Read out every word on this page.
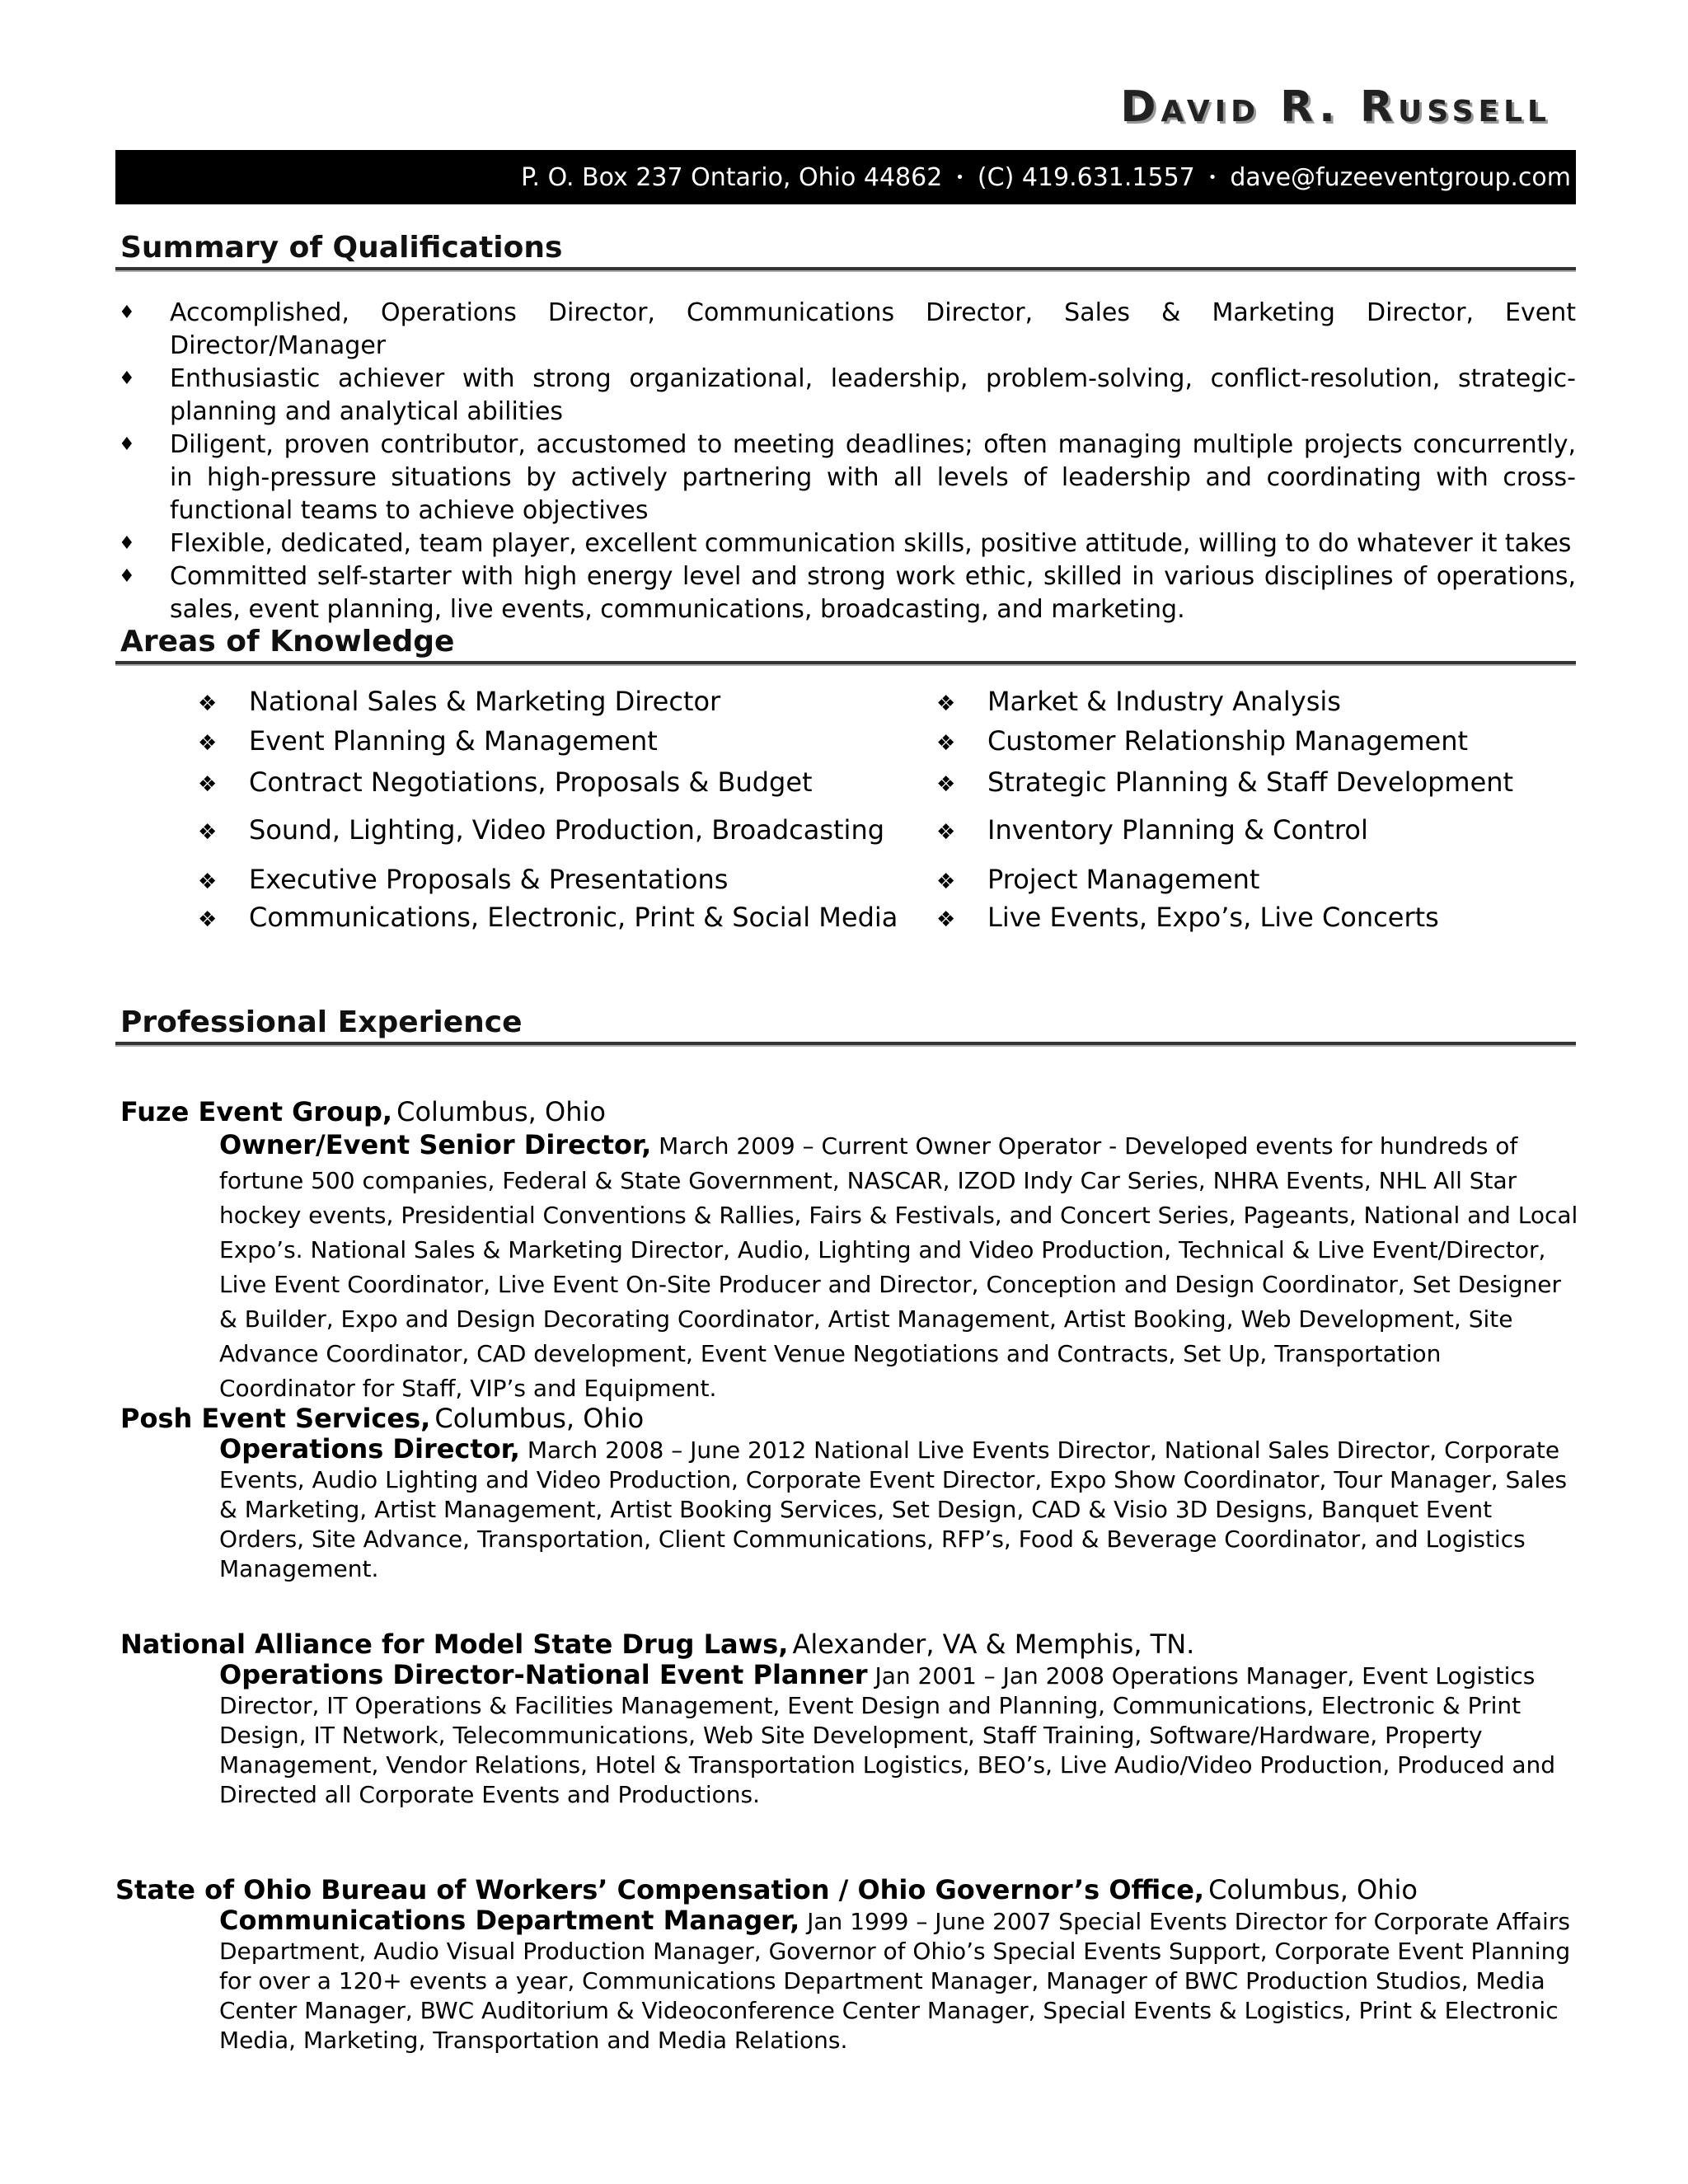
David R. Russell
P. O. Box 237 Ontario, Ohio 44862 • (C) 419.631.1557 • dave@fuzeeventgroup.com
Summary of Qualifications
♦ Accomplished, Operations Director, Communications Director, Sales & Marketing Director, Event Director/Manager
♦ Enthusiastic achiever with strong organizational, leadership, problem-solving, conflict-resolution, strategic- planning and analytical abilities
♦ Diligent, proven contributor, accustomed to meeting deadlines; often managing multiple projects concurrently, in high-pressure situations by actively partnering with all levels of leadership and coordinating with cross-functional teams to achieve objectives
♦ Flexible, dedicated, team player, excellent communication skills, positive attitude, willing to do whatever it takes
♦ Committed self-starter with high energy level and strong work ethic, skilled in various disciplines of operations, sales, event planning, live events, communications, broadcasting, and marketing.
Areas of Knowledge
❖ National Sales & Marketing Director	❖ Market & Industry Analysis
❖ Event Planning & Management	❖ Customer Relationship Management
❖ Contract Negotiations, Proposals & Budget	❖ Strategic Planning & Staff Development
❖ Sound, Lighting, Video Production, Broadcasting ❖ Inventory Planning & Control
❖ Executive Proposals & Presentations	❖ Project Management
❖ Communications, Electronic, Print & Social Media ❖ Live Events, Expo’s, Live Concerts
Professional Experience
Fuze Event Group, Columbus, Ohio
Owner/Event Senior Director, March 2009 – Current Owner Operator - Developed events for hundreds of fortune 500 companies, Federal & State Government, NASCAR, IZOD Indy Car Series, NHRA Events, NHL All Star hockey events, Presidential Conventions & Rallies, Fairs & Festivals, and Concert Series, Pageants, National and Local Expo’s. National Sales & Marketing Director, Audio, Lighting and Video Production, Technical & Live Event/Director, Live Event Coordinator, Live Event On-Site Producer and Director, Conception and Design Coordinator, Set Designer & Builder, Expo and Design Decorating Coordinator, Artist Management, Artist Booking, Web Development, Site Advance Coordinator, CAD development, Event Venue Negotiations and Contracts, Set Up, Transportation Coordinator for Staff, VIP’s and Equipment.
Posh Event Services, Columbus, Ohio
Operations Director, March 2008 – June 2012 National Live Events Director, National Sales Director, Corporate Events, Audio Lighting and Video Production, Corporate Event Director, Expo Show Coordinator, Tour Manager, Sales & Marketing, Artist Management, Artist Booking Services, Set Design, CAD & Visio 3D Designs, Banquet Event Orders, Site Advance, Transportation, Client Communications, RFP’s, Food & Beverage Coordinator, and Logistics Management.
National Alliance for Model State Drug Laws, Alexander, VA & Memphis, TN.
Operations Director-National Event Planner Jan 2001 – Jan 2008 Operations Manager, Event Logistics Director, IT Operations & Facilities Management, Event Design and Planning, Communications, Electronic & Print Design, IT Network, Telecommunications, Web Site Development, Staff Training, Software/Hardware, Property Management, Vendor Relations, Hotel & Transportation Logistics, BEO’s, Live Audio/Video Production, Produced and Directed all Corporate Events and Productions.
State of Ohio Bureau of Workers’ Compensation / Ohio Governor’s Office, Columbus, Ohio
Communications Department Manager, Jan 1999 – June 2007 Special Events Director for Corporate Affairs Department, Audio Visual Production Manager, Governor of Ohio’s Special Events Support, Corporate Event Planning for over a 120+ events a year, Communications Department Manager, Manager of BWC Production Studios, Media Center Manager, BWC Auditorium & Videoconference Center Manager, Special Events & Logistics, Print & Electronic Media, Marketing, Transportation and Media Relations.
